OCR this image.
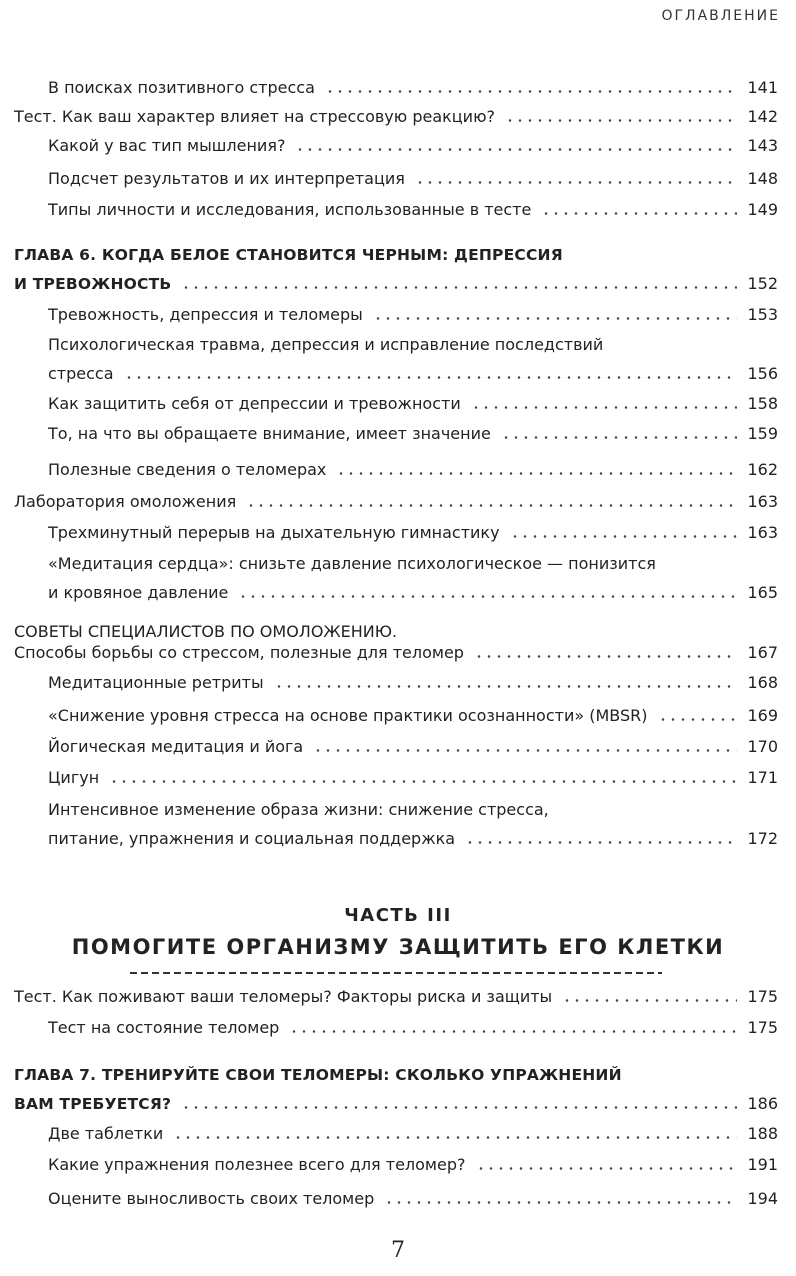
ОГЛАВЛЕНИЕ
СОВЕТЫ СПЕЦИАЛИСТОВ ПО ОМОЛОЖЕНИЮ.
ЧАСТЬ III
ПОМОГИТЕ ОРГАНИЗМУ ЗАЩИТИТЬ ЕГО КЛЕТКИ
В поисках позитивного стресса	141
Тест. Как ваш характер влияет на стрессовую реакцию?	142
Какой у вас тип мышления?	143
Подсчет результатов и их интерпретация	148
Типы личности и исследования, использованные в тесте	149
ГЛАВА 6. КОГДА БЕЛОЕ СТАНОВИТСЯ ЧЕРНЫМ: ДЕПРЕССИЯ
И ТРЕВОЖНОСТЬ	152
Тревожность, депрессия и теломеры	153
Психологическая травма, депрессия и исправление последствий
стресса	156
Как защитить себя от депрессии и тревожности	158
То, на что вы обращаете внимание, имеет значение	159
Полезные сведения о теломерах	162
Лаборатория омоложения	163
Трехминутный перерыв на дыхательную гимнастику	163
«Медитация сердца»: снизьте давление психологическое — понизится
и кровяное давление	165
Способы борьбы со стрессом, полезные для теломер	167
Медитационные ретриты	168
«Снижение уровня стресса на основе практики осознанности» (MBSR)	169
Йогическая медитация и йога	170
Цигун	171
Интенсивное изменение образа жизни: снижение стресса,
питание, упражнения и социальная поддержка	172
Тест. Как поживают ваши теломеры? Факторы риска и защиты	175
Тест на состояние теломер	175
ГЛАВА 7. ТРЕНИРУЙТЕ СВОИ ТЕЛОМЕРЫ: СКОЛЬКО УПРАЖНЕНИЙ
ВАМ ТРЕБУЕТСЯ?	186
Две таблетки	188
Какие упражнения полезнее всего для теломер?	191
Оцените выносливость своих теломер	194
7
